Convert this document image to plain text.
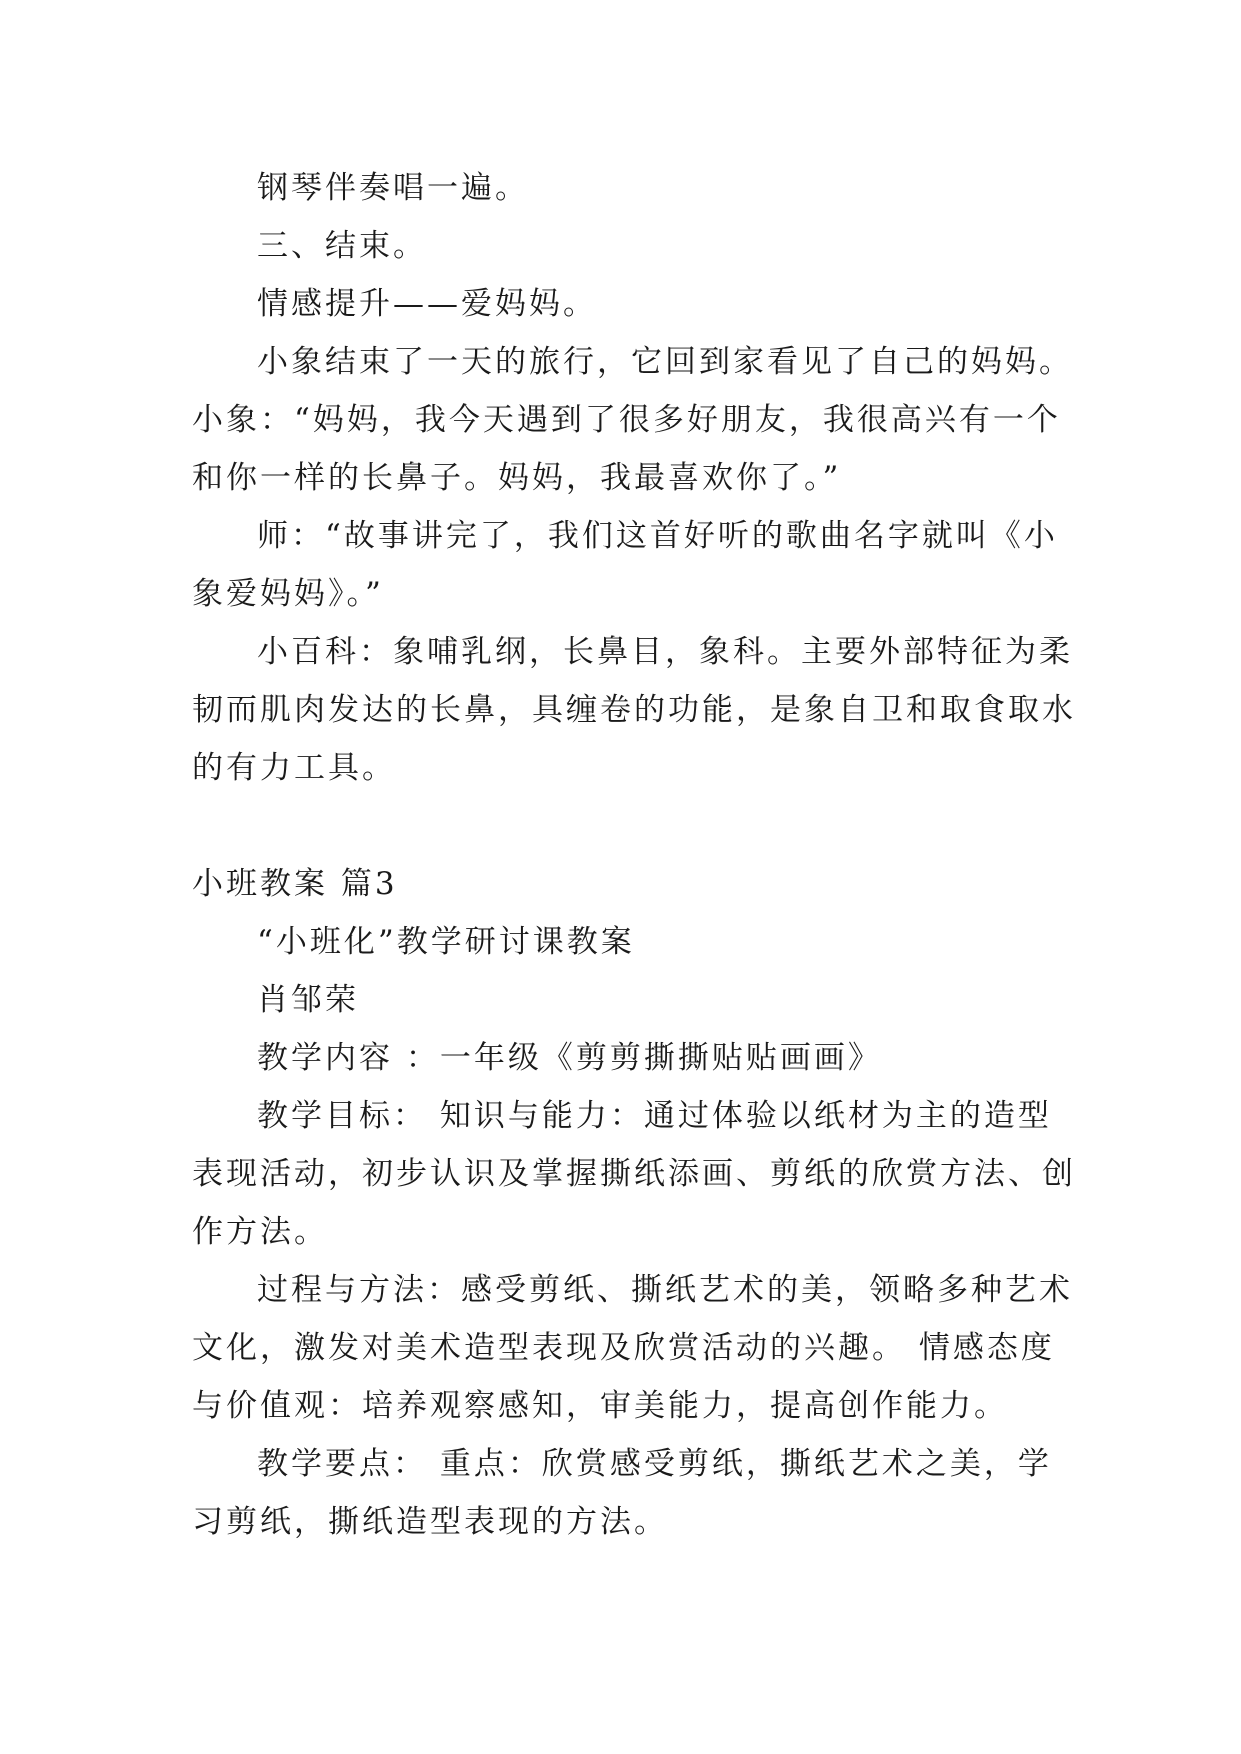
钢琴伴奏唱一遍。
三、结束。
情感提升——爱妈妈。
小象结束了一天的旅行，它回到家看见了自己的妈妈。
小象：“妈妈，我今天遇到了很多好朋友，我很高兴有一个
和你一样的长鼻子。妈妈，我最喜欢你了。”
师：“故事讲完了，我们这首好听的歌曲名字就叫《小
象爱妈妈》。”
小百科：象哺乳纲，长鼻目，象科。主要外部特征为柔
韧而肌肉发达的长鼻，具缠卷的功能，是象自卫和取食取水
的有力工具。
小班教案 篇3
“小班化”教学研讨课教案
肖邹荣
教学内容 ：一年级《剪剪撕撕贴贴画画》
教学目标： 知识与能力：通过体验以纸材为主的造型
表现活动，初步认识及掌握撕纸添画、剪纸的欣赏方法、创
作方法。
过程与方法：感受剪纸、撕纸艺术的美，领略多种艺术
文化，激发对美术造型表现及欣赏活动的兴趣。 情感态度
与价值观：培养观察感知，审美能力，提高创作能力。
教学要点： 重点：欣赏感受剪纸，撕纸艺术之美，学
习剪纸，撕纸造型表现的方法。
